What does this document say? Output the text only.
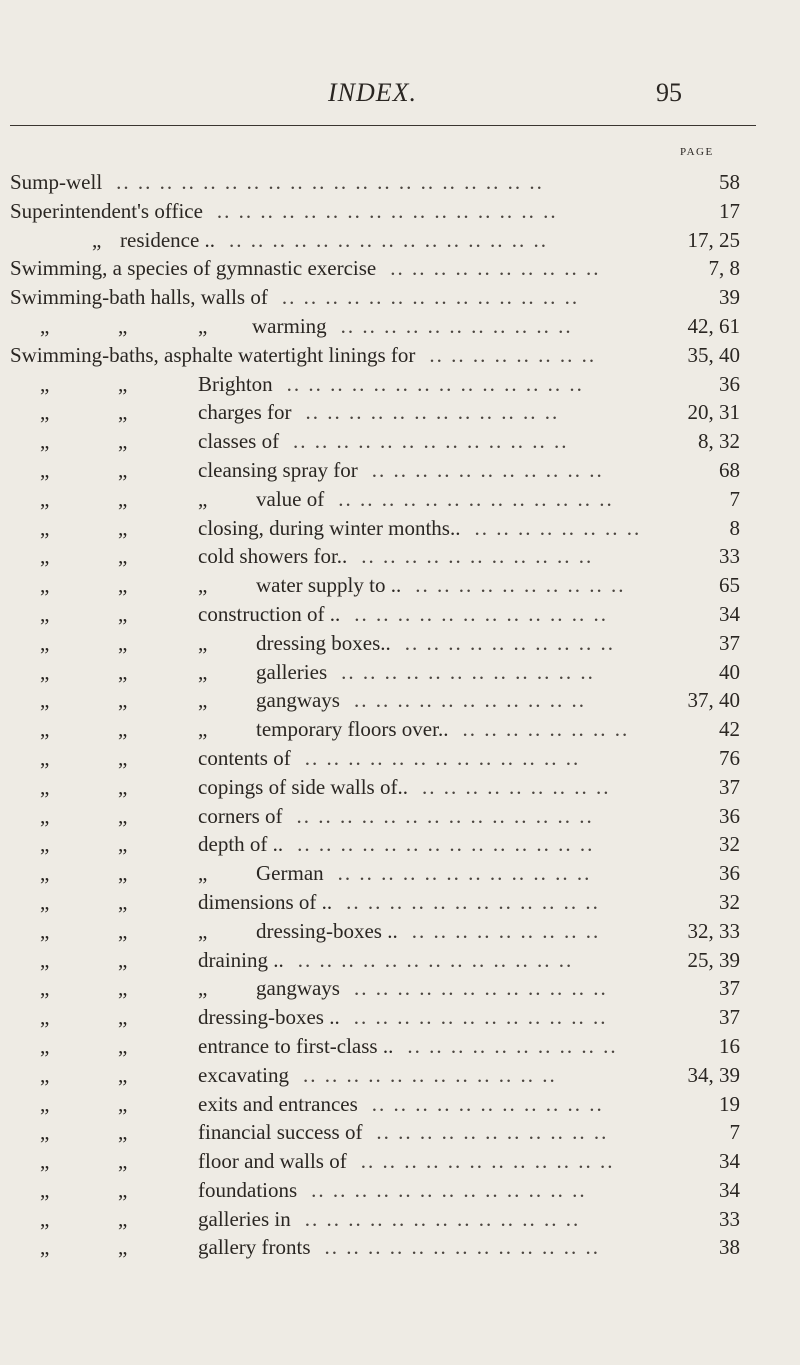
INDEX.	95
PAGE
Sump-well	58
.. .. .. .. .. .. .. .. .. .. .. .. .. .. .. .. .. .. .. ..
Superintendent's office	17
.. .. .. .. .. .. .. .. .. .. .. .. .. .. .. ..
„ residence ..	17, 25
.. .. .. .. .. .. .. .. .. .. .. .. .. .. ..
Swimming, a species of gymnastic exercise	7, 8
.. .. .. .. .. .. .. .. .. ..
Swimming-bath halls, walls of	39
.. .. .. .. .. .. .. .. .. .. .. .. .. ..
„	„	„ warming	42, 61
.. .. .. .. .. .. .. .. .. .. ..
Swimming-baths, asphalte watertight linings for	35, 40
.. .. .. .. .. .. .. ..
„	„	Brighton	36
.. .. .. .. .. .. .. .. .. .. .. .. .. ..
„	„	charges for	20, 31
.. .. .. .. .. .. .. .. .. .. .. ..
„	„	classes of	8, 32
.. .. .. .. .. .. .. .. .. .. .. .. ..
„	„	cleansing spray for	68
.. .. .. .. .. .. .. .. .. .. ..
„	„	„ value of	7
.. .. .. .. .. .. .. .. .. .. .. .. ..
„	„	closing, during winter months..	8
.. .. .. .. .. .. .. ..
„	„	cold showers for..	33
.. .. .. .. .. .. .. .. .. .. ..
„	„	„ water supply to ..	65
.. .. .. .. .. .. .. .. .. ..
„	„	construction of ..	34
.. .. .. .. .. .. .. .. .. .. .. ..
„	„	„ dressing boxes..	37
.. .. .. .. .. .. .. .. .. ..
„	„	„ galleries	40
.. .. .. .. .. .. .. .. .. .. .. ..
„	„	„ gangways	37, 40
.. .. .. .. .. .. .. .. .. .. ..
„	„	„ temporary floors over..	42
.. .. .. .. .. .. .. ..
„	„	contents of	76
.. .. .. .. .. .. .. .. .. .. .. .. ..
„	„	copings of side walls of..	37
.. .. .. .. .. .. .. .. ..
„	„	corners of	36
.. .. .. .. .. .. .. .. .. .. .. .. .. ..
„	„	depth of ..	32
.. .. .. .. .. .. .. .. .. .. .. .. .. ..
„	„	„ German	36
.. .. .. .. .. .. .. .. .. .. .. ..
„	„	dimensions of ..	32
.. .. .. .. .. .. .. .. .. .. .. ..
„	„	„ dressing-boxes ..	32, 33
.. .. .. .. .. .. .. .. ..
„	„	draining ..	25, 39
.. .. .. .. .. .. .. .. .. .. .. .. ..
„	„	„ gangways	37
.. .. .. .. .. .. .. .. .. .. .. ..
„	„	dressing-boxes ..	37
.. .. .. .. .. .. .. .. .. .. .. ..
„	„	entrance to first-class ..	16
.. .. .. .. .. .. .. .. .. ..
„	„	excavating	34, 39
.. .. .. .. .. .. .. .. .. .. .. ..
„	„	exits and entrances	19
.. .. .. .. .. .. .. .. .. .. ..
„	„	financial success of	7
.. .. .. .. .. .. .. .. .. .. ..
„	„	floor and walls of	34
.. .. .. .. .. .. .. .. .. .. .. ..
„	„	foundations	34
.. .. .. .. .. .. .. .. .. .. .. .. ..
„	„	galleries in	33
.. .. .. .. .. .. .. .. .. .. .. .. ..
„	„	gallery fronts	38
.. .. .. .. .. .. .. .. .. .. .. .. ..
